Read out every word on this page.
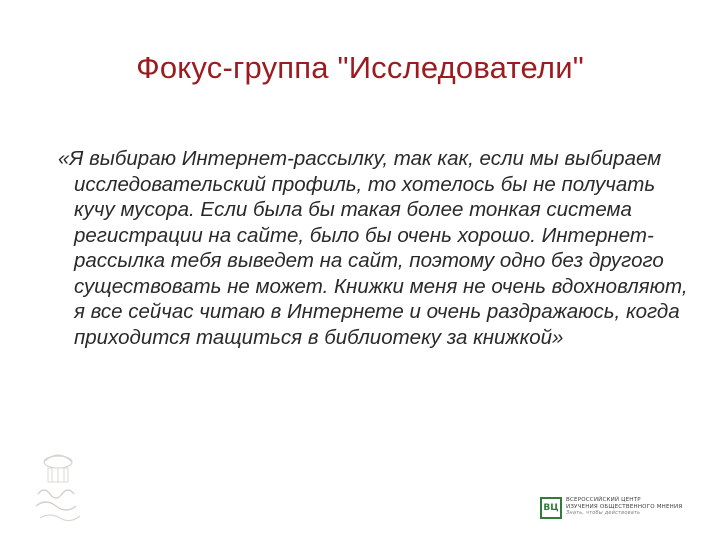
Фокус-группа "Исследователи"
«Я выбираю Интернет-рассылку, так как, если мы выбираем исследовательский профиль, то хотелось бы не получать кучу мусора. Если была бы такая более тонкая система регистрации на сайте, было бы очень хорошо. Интернет-рассылка тебя выведет на сайт, поэтому одно без другого существовать не может. Книжки меня не очень вдохновляют, я все сейчас читаю в Интернете и очень раздражаюсь, когда приходится тащиться в библиотеку за книжкой»
ВЦ
ВСЕРОССИЙСКИЙ ЦЕНТР
ИЗУЧЕНИЯ ОБЩЕСТВЕННОГО МНЕНИЯ
Знать, чтобы действовать
